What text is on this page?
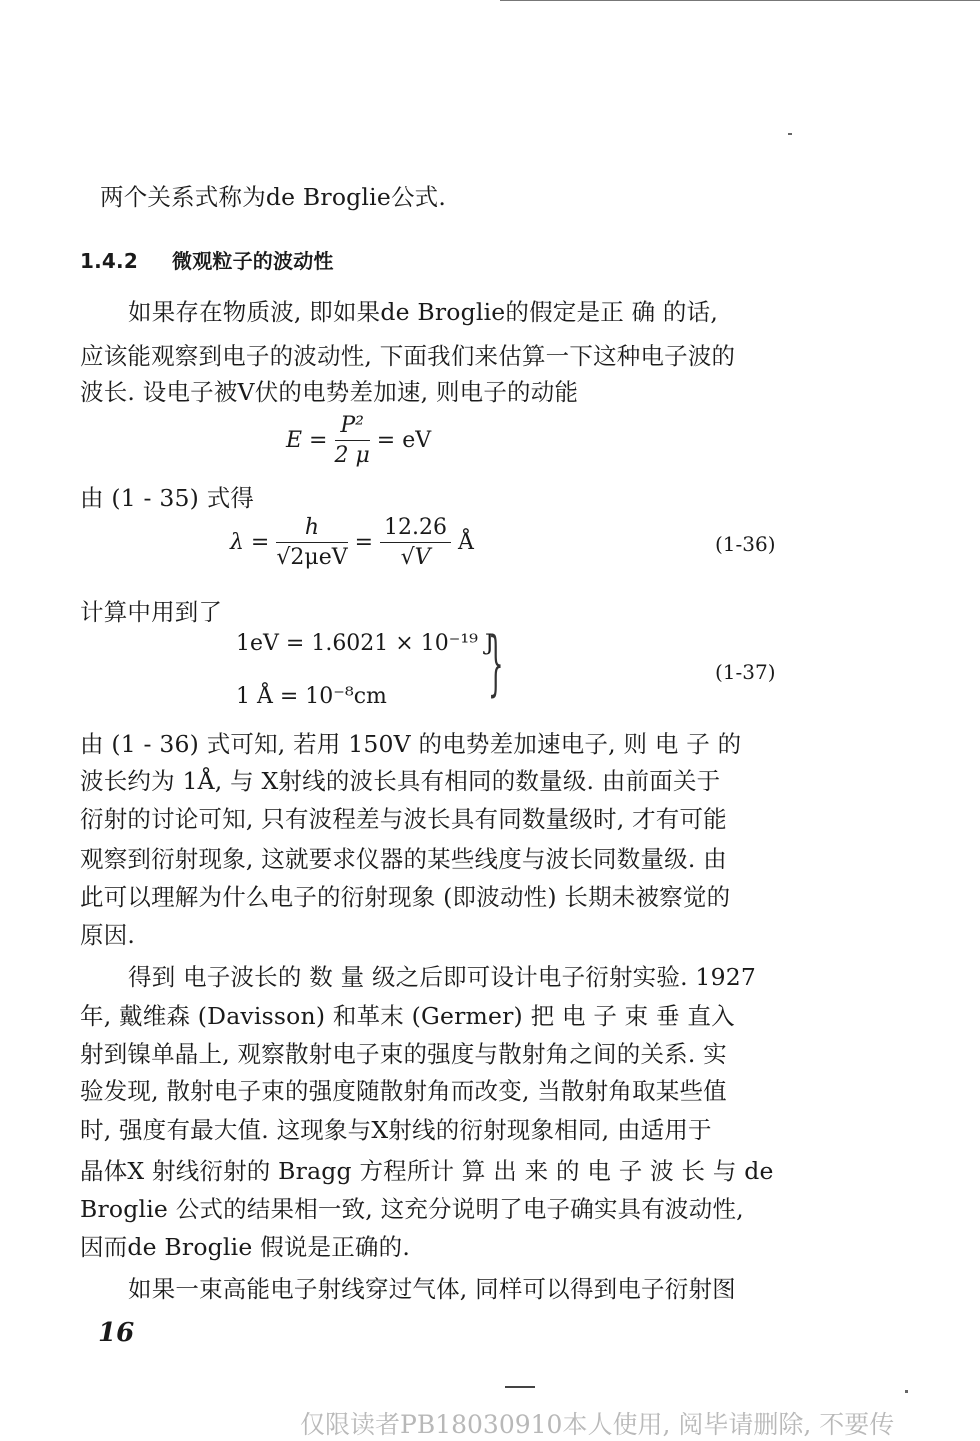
两个关系式称为de Broglie公式.
1.4.2 微观粒子的波动性
如果存在物质波, 即如果de Broglie的假定是正 确 的话,
应该能观察到电子的波动性, 下面我们来估算一下这种电子波的
波长. 设电子被V伏的电势差加速, 则电子的动能
$E = \frac{\text{P²}}{2 \mu}$ = eV
由 (1 - 35) 式得
$\lambda = \frac{h}{\text{√2μeV}} = \frac{12.26}{√V}$ Å	(1-36)
计算中用到了
1eV = 1.6021 × 10⁻¹⁹ J
1 Å = 10⁻⁸cm }	(1-37)
由 (1 - 36) 式可知, 若用 150V 的电势差加速电子, 则 电 子 的
波长约为 1Å, 与 X射线的波长具有相同的数量级. 由前面关于
衍射的讨论可知, 只有波程差与波长具有同数量级时, 才有可能
观察到衍射现象, 这就要求仪器的某些线度与波长同数量级. 由
此可以理解为什么电子的衍射现象 (即波动性) 长期未被察觉的
原因.
得到 电子波长的 数 量 级之后即可设计电子衍射实验. 1927
年, 戴维森 (Davisson) 和革末 (Germer) 把 电 子 束 垂 直入
射到镍单晶上, 观察散射电子束的强度与散射角之间的关系. 实
验发现, 散射电子束的强度随散射角而改变, 当散射角取某些值
时, 强度有最大值. 这现象与X射线的衍射现象相同, 由适用于
晶体X 射线衍射的 Bragg 方程所计 算 出 来 的 电 子 波 长 与 de
Broglie 公式的结果相一致, 这充分说明了电子确实具有波动性,
因而de Broglie 假说是正确的.
如果一束高能电子射线穿过气体, 同样可以得到电子衍射图
16
仅限读者PB18030910本人使用, 阅毕请删除, 不要传
